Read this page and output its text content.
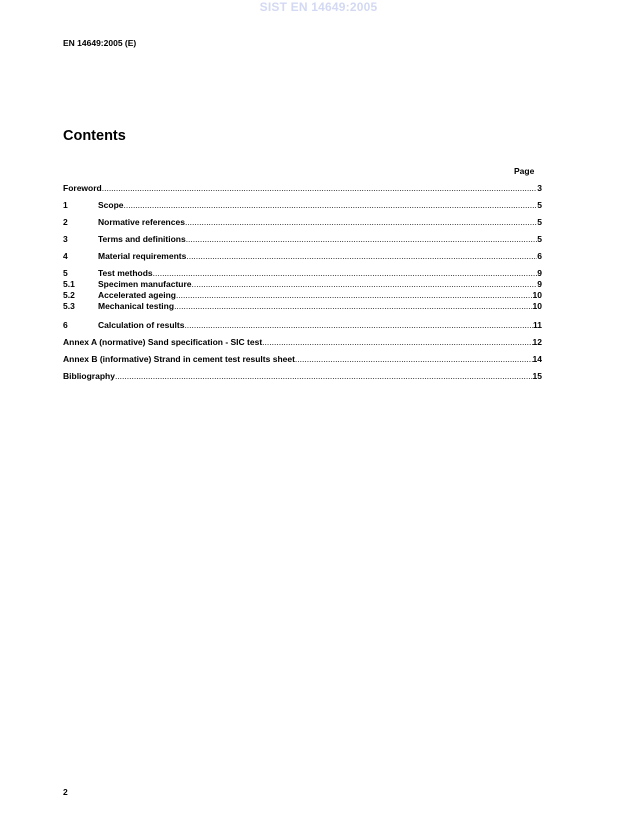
SIST EN 14649:2005
EN 14649:2005 (E)
Contents
Page
Foreword .....	3
1	Scope .....	5
2	Normative references .....	5
3	Terms and definitions .....	5
4	Material requirements .....	6
5	Test methods .....	9
5.1	Specimen manufacture .....	9
5.2	Accelerated ageing .....	10
5.3	Mechanical testing .....	10
6	Calculation of results .....	11
Annex A (normative) Sand specification - SIC test .....	12
Annex B (informative) Strand in cement test results sheet .....	14
Bibliography .....	15
2
